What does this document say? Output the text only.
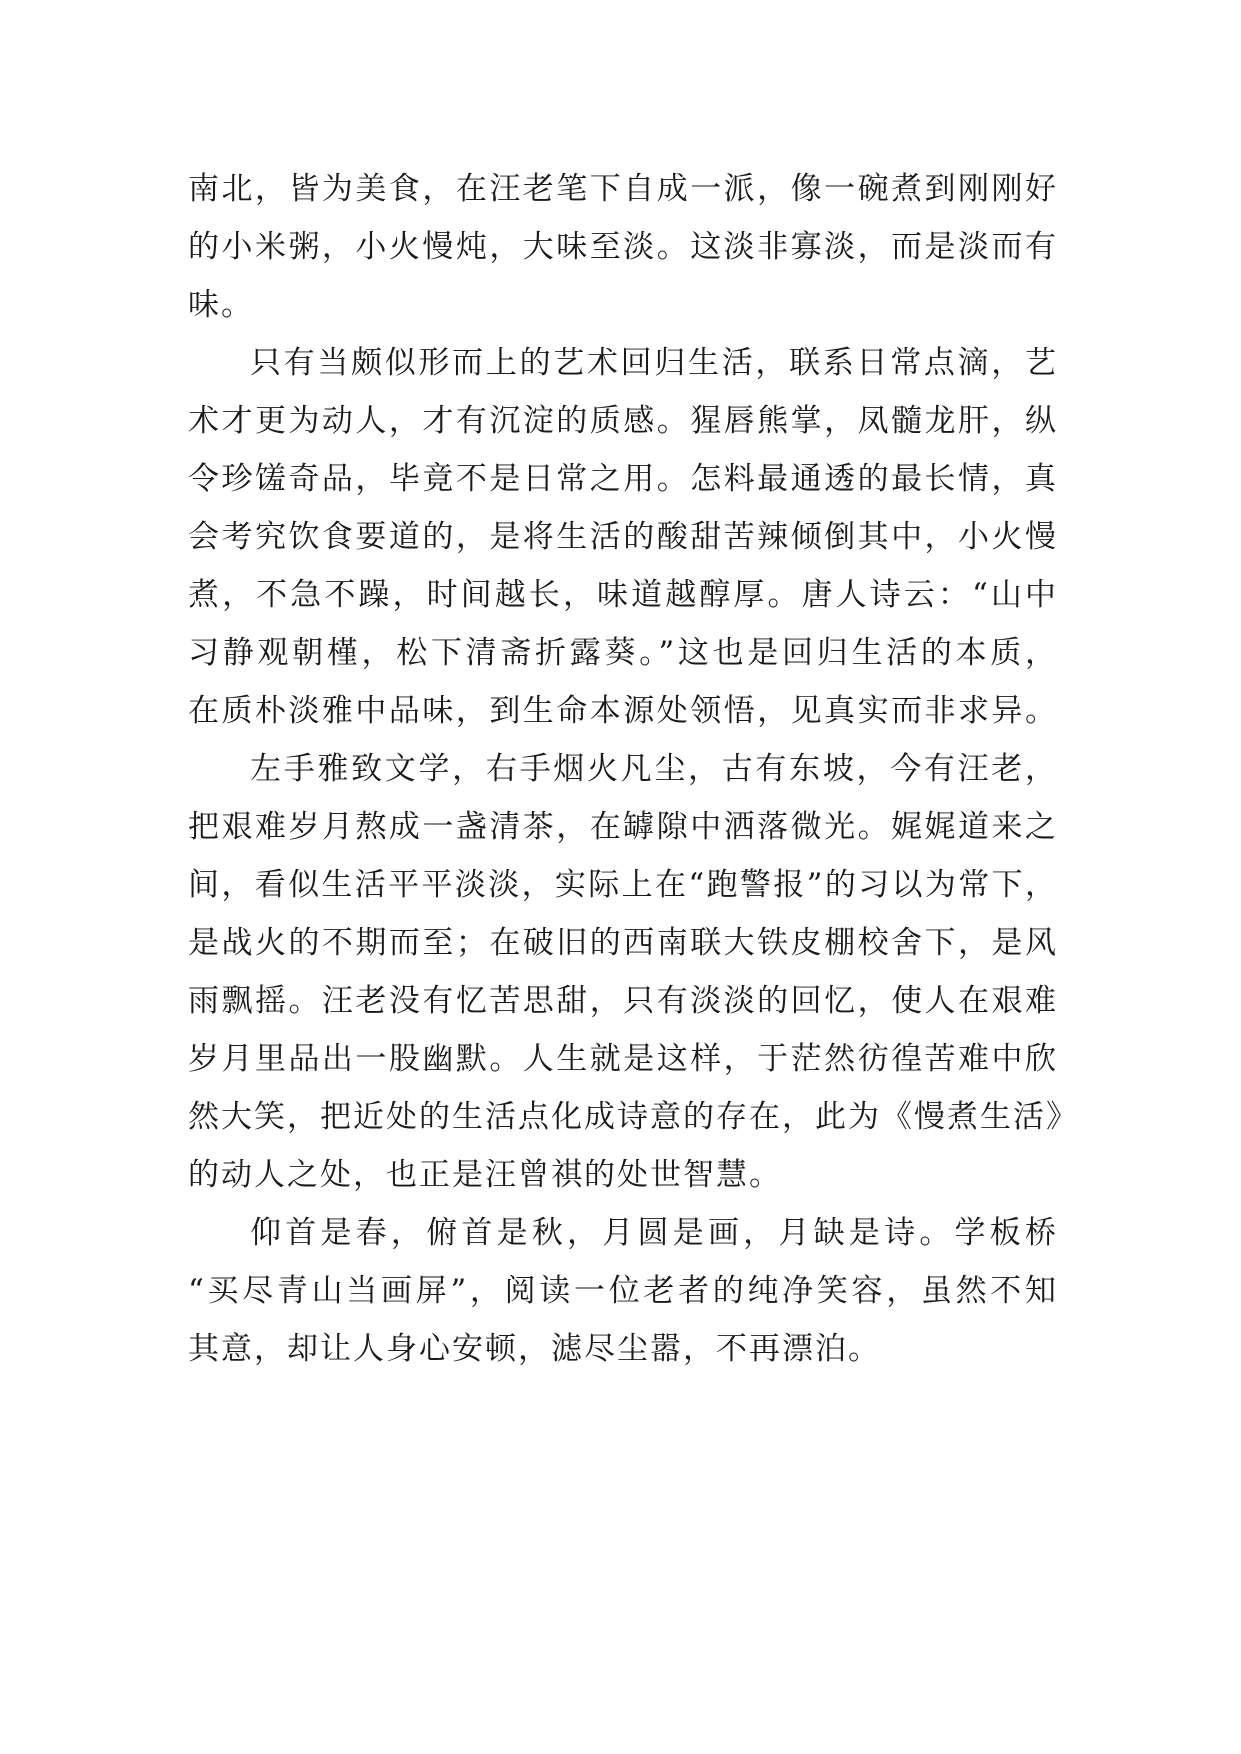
南北，皆为美食，在汪老笔下自成一派，像一碗煮到刚刚好
的小米粥，小火慢炖，大味至淡。这淡非寡淡，而是淡而有
味。
只有当颇似形而上的艺术回归生活，联系日常点滴，艺
术才更为动人，才有沉淀的质感。猩唇熊掌，凤髓龙肝，纵
令珍馐奇品，毕竟不是日常之用。怎料最通透的最长情，真
会考究饮食要道的，是将生活的酸甜苦辣倾倒其中，小火慢
煮，不急不躁，时间越长，味道越醇厚。唐人诗云：“山中
习静观朝槿，松下清斋折露葵。”这也是回归生活的本质，
在质朴淡雅中品味，到生命本源处领悟，见真实而非求异。
左手雅致文学，右手烟火凡尘，古有东坡，今有汪老，
把艰难岁月熬成一盏清茶，在罅隙中洒落微光。娓娓道来之
间，看似生活平平淡淡，实际上在“跑警报”的习以为常下，
是战火的不期而至；在破旧的西南联大铁皮棚校舍下，是风
雨飘摇。汪老没有忆苦思甜，只有淡淡的回忆，使人在艰难
岁月里品出一股幽默。人生就是这样，于茫然彷徨苦难中欣
然大笑，把近处的生活点化成诗意的存在，此为《慢煮生活》
的动人之处，也正是汪曾祺的处世智慧。
仰首是春，俯首是秋，月圆是画，月缺是诗。学板桥
“买尽青山当画屏”，阅读一位老者的纯净笑容，虽然不知
其意，却让人身心安顿，滤尽尘嚣，不再漂泊。
